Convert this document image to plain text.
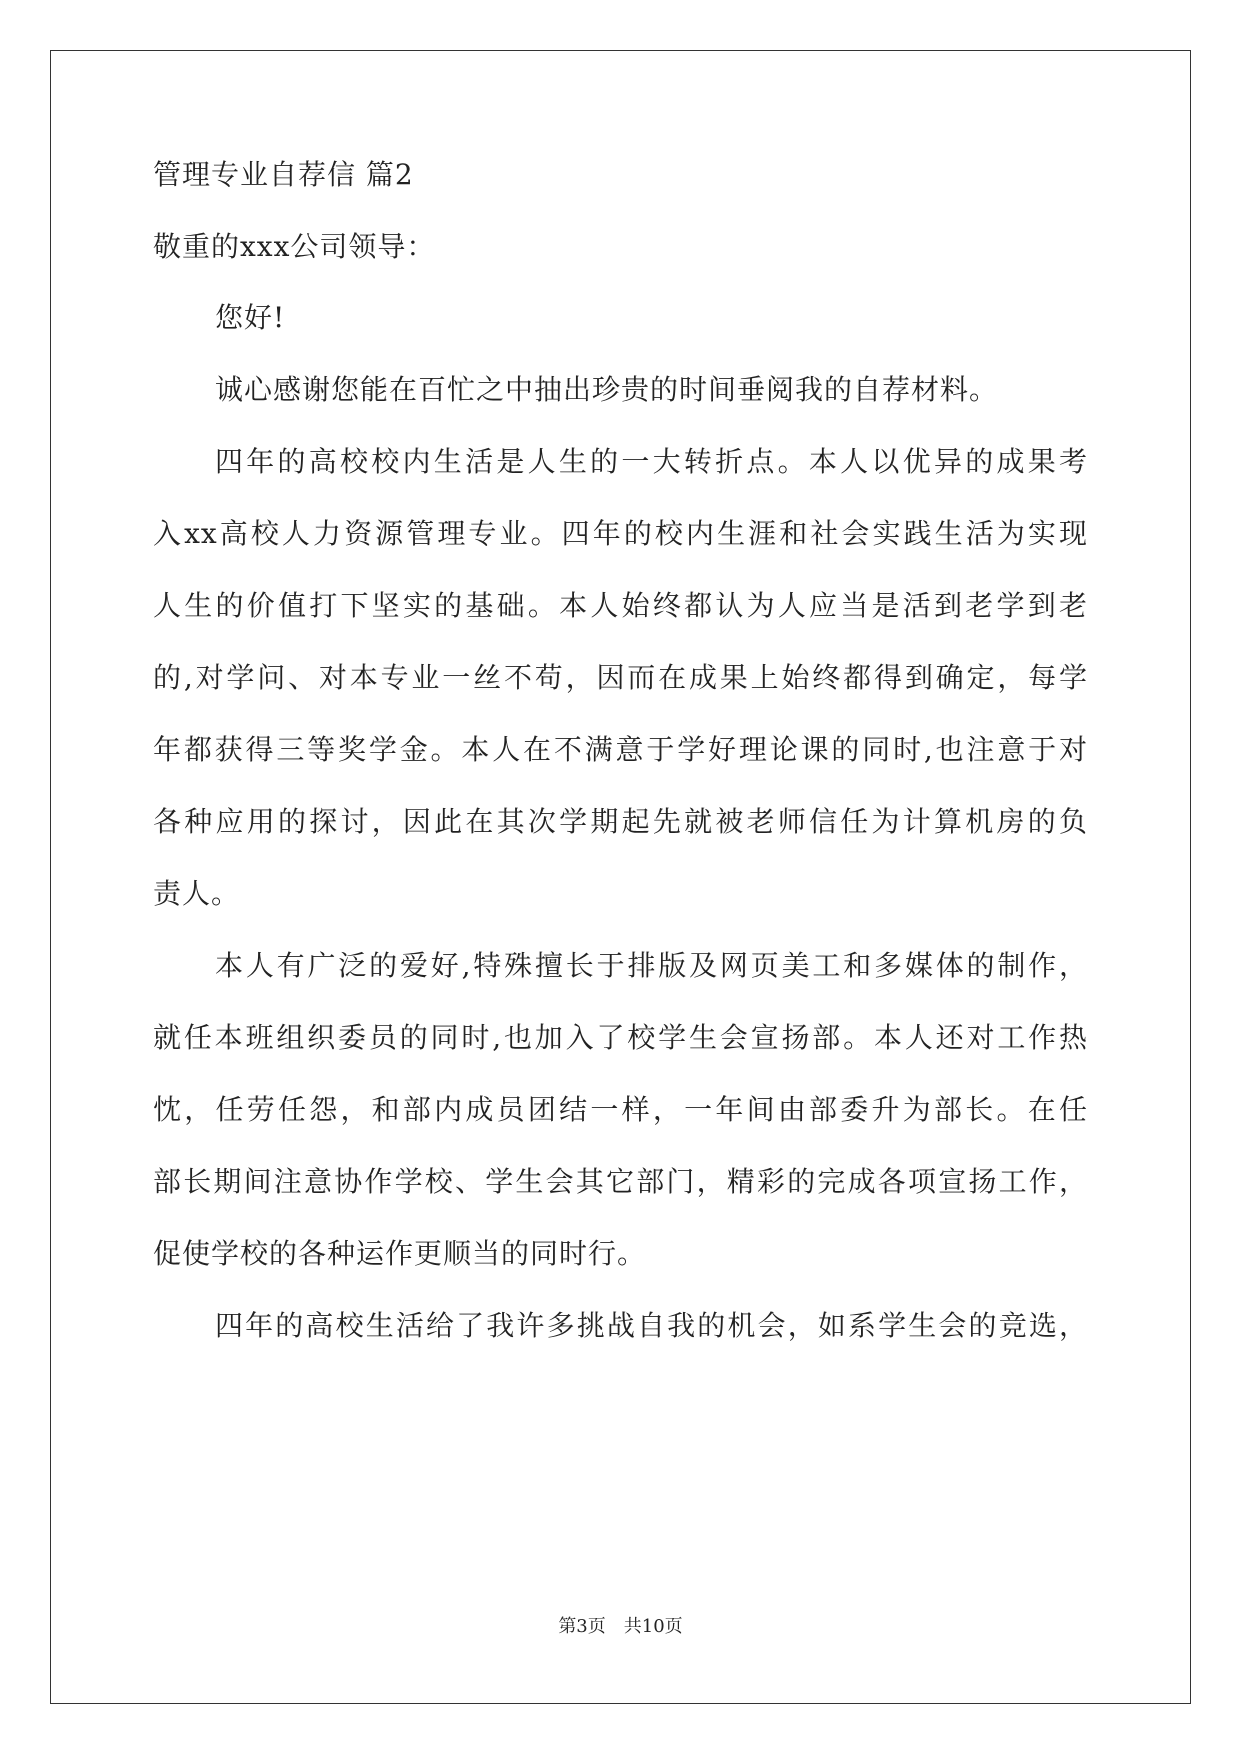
管理专业自荐信 篇2
敬重的xxx公司领导：
您好!
诚心感谢您能在百忙之中抽出珍贵的时间垂阅我的自荐材料。
四年的高校校内生活是人生的一大转折点。本人以优异的成果考
入xx高校人力资源管理专业。四年的校内生涯和社会实践生活为实现
人生的价值打下坚实的基础。本人始终都认为人应当是活到老学到老
的,对学问、对本专业一丝不苟，因而在成果上始终都得到确定，每学
年都获得三等奖学金。本人在不满意于学好理论课的同时,也注意于对
各种应用的探讨，因此在其次学期起先就被老师信任为计算机房的负
责人。
本人有广泛的爱好,特殊擅长于排版及网页美工和多媒体的制作，
就任本班组织委员的同时,也加入了校学生会宣扬部。本人还对工作热
忱，任劳任怨，和部内成员团结一样，一年间由部委升为部长。在任
部长期间注意协作学校、学生会其它部门，精彩的完成各项宣扬工作，
促使学校的各种运作更顺当的同时行。
四年的高校生活给了我许多挑战自我的机会，如系学生会的竞选，
第3页　共10页
